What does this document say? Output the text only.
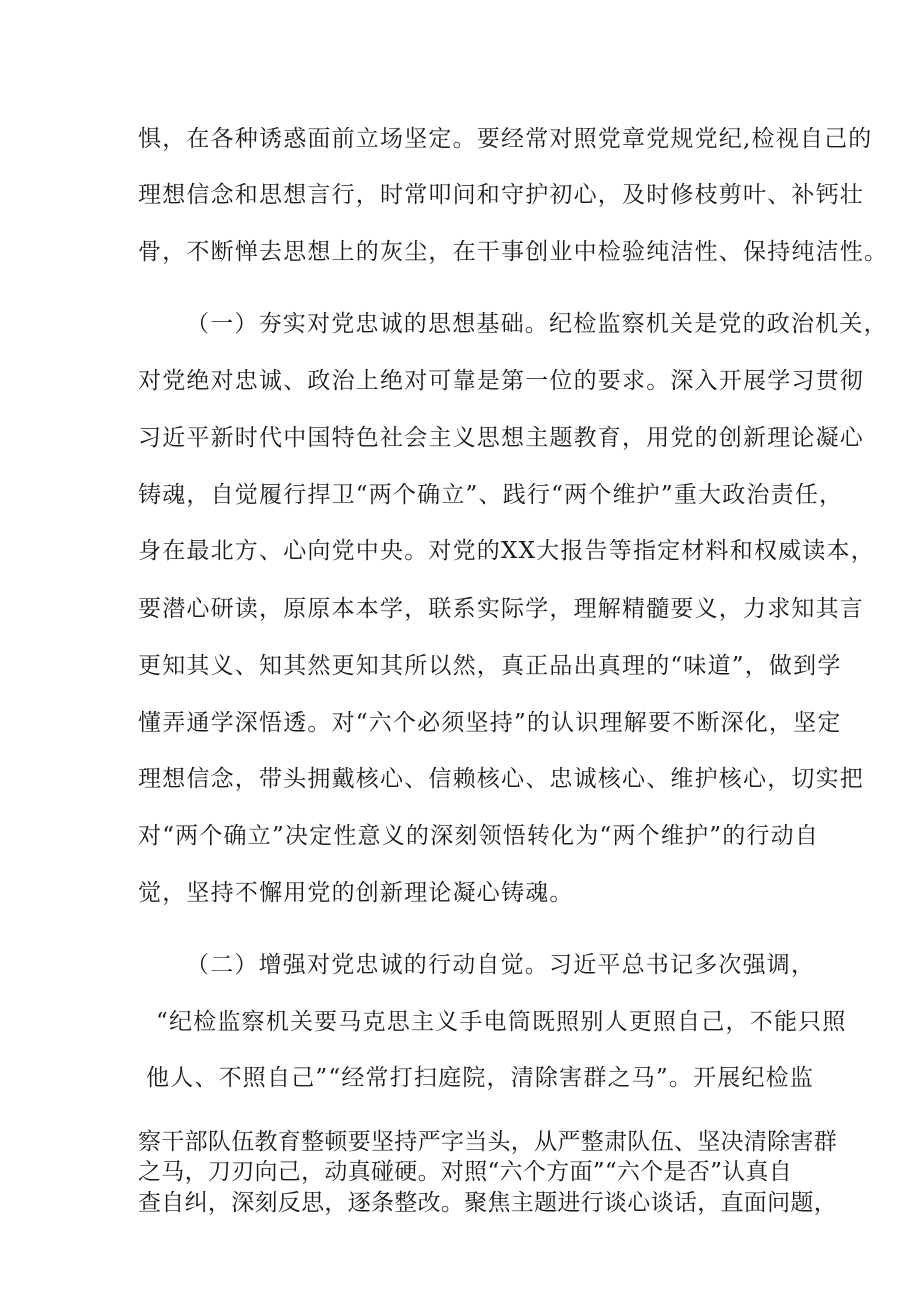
惧，在各种诱惑面前立场坚定。要经常对照党章党规党纪,检视自己的
理想信念和思想言行，时常叩问和守护初心，及时修枝剪叶、补钙壮
骨，不断惮去思想上的灰尘，在干事创业中检验纯洁性、保持纯洁性。
（一）夯实对党忠诚的思想基础。纪检监察机关是党的政治机关，
对党绝对忠诚、政治上绝对可靠是第一位的要求。深入开展学习贯彻
习近平新时代中国特色社会主义思想主题教育，用党的创新理论凝心
铸魂，自觉履行捍卫“两个确立”、践行“两个维护”重大政治责任，
身在最北方、心向党中央。对党的XX大报告等指定材料和权威读本，
要潜心研读，原原本本学，联系实际学，理解精髓要义，力求知其言
更知其义、知其然更知其所以然，真正品出真理的“味道”，做到学
懂弄通学深悟透。对“六个必须坚持”的认识理解要不断深化，坚定
理想信念，带头拥戴核心、信赖核心、忠诚核心、维护核心，切实把
对“两个确立”决定性意义的深刻领悟转化为“两个维护”的行动自
觉，坚持不懈用党的创新理论凝心铸魂。
（二）增强对党忠诚的行动自觉。习近平总书记多次强调，
“纪检监察机关要马克思主义手电筒既照别人更照自己，不能只照
他人、不照自己”“经常打扫庭院，清除害群之马”。开展纪检监
察干部队伍教育整顿要坚持严字当头，从严整肃队伍、坚决清除害群
之马，刀刃向己，动真碰硬。对照“六个方面”“六个是否”认真自
查自纠，深刻反思，逐条整改。聚焦主题进行谈心谈话，直面问题，
